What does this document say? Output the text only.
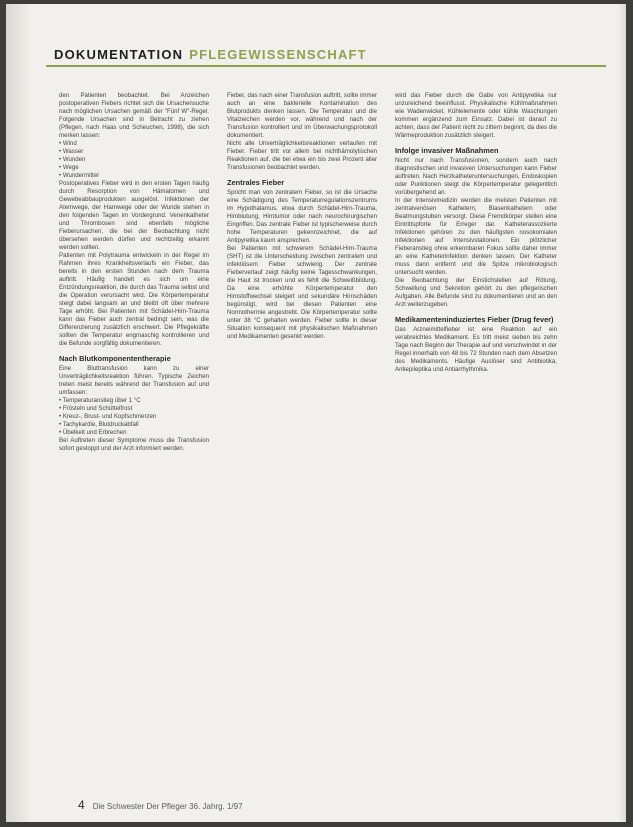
DOKUMENTATION PFLEGEWISSENSCHAFT

den Patienten beobachtet. Bei Anzeichen postoperativen Fiebers richtet sich die Ursachensuche nach möglichen Ursachen gemäß der "Fünf W"-Regel. Folgende Ursachen sind in Betracht zu ziehen (Pflegen, nach Haas und Scheuchen, 1998), die sich merken lassen:

• Wind

• Wasser

• Wunden

• Wege

• Wundermittel

Postoperatives Fieber wird in den ersten Tagen häufig durch Resorption von Hämatomen und Gewebeabbauprodukten ausgelöst. Infektionen der Atemwege, der Harnwege oder der Wunde stehen in den folgenden Tagen im Vordergrund. Venenkatheter und Thrombosen sind ebenfalls mögliche Fieberursachen, die bei der Beobachtung nicht übersehen werden dürfen und rechtzeitig erkannt werden sollten.

Patienten mit Polytrauma entwickeln in der Regel im Rahmen ihres Krankheitsverlaufs ein Fieber, das bereits in den ersten Stunden nach dem Trauma auftritt. Häufig handelt es sich um eine Entzündungsreaktion, die durch das Trauma selbst und die Operation verursacht wird. Die Körpertemperatur steigt dabei langsam an und bleibt oft über mehrere Tage erhöht. Bei Patienten mit Schädel-Hirn-Trauma kann das Fieber auch zentral bedingt sein, was die Differenzierung zusätzlich erschwert. Die Pflegekräfte sollten die Temperatur engmaschig kontrollieren und die Befunde sorgfältig dokumentieren.

Nach Blutkomponententherapie

Eine Bluttransfusion kann zu einer Unverträglichkeitsreaktion führen. Typische Zeichen treten meist bereits während der Transfusion auf und umfassen:

• Temperaturanstieg über 1 °C

• Frösteln und Schüttelfrost

• Kreuz-, Brust- und Kopfschmerzen

• Tachykardie, Blutdruckabfall

• Übelkeit und Erbrechen

Bei Auftreten dieser Symptome muss die Transfusion sofort gestoppt und der Arzt informiert werden.

Fieber, das nach einer Transfusion auftritt, sollte immer auch an eine bakterielle Kontamination des Blutprodukts denken lassen. Die Temperatur und die Vitalzeichen werden vor, während und nach der Transfusion kontrolliert und im Überwachungsprotokoll dokumentiert.

Nicht alle Unverträglichkeitsreaktionen verlaufen mit Fieber. Fieber tritt vor allem bei nichthämolytischen Reaktionen auf, die bei etwa ein bis zwei Prozent aller Transfusionen beobachtet werden.

Zentrales Fieber

Spricht man von zentralem Fieber, so ist die Ursache eine Schädigung des Temperaturregulationszentrums im Hypothalamus, etwa durch Schädel-Hirn-Trauma, Hirnblutung, Hirntumor oder nach neurochirurgischen Eingriffen. Das zentrale Fieber ist typischerweise durch hohe Temperaturen gekennzeichnet, die auf Antipyretika kaum ansprechen.

Bei Patienten mit schwerem Schädel-Hirn-Trauma (SHT) ist die Unterscheidung zwischen zentralem und infektiösem Fieber schwierig. Der zentrale Fieberverlauf zeigt häufig keine Tagesschwankungen, die Haut ist trocken und es fehlt die Schweißbildung. Da eine erhöhte Körpertemperatur den Hirnstoffwechsel steigert und sekundäre Hirnschäden begünstigt, wird bei diesen Patienten eine Normothermie angestrebt. Die Körpertemperatur sollte unter 38 °C gehalten werden. Fieber sollte in dieser Situation konsequent mit physikalischen Maßnahmen und Medikamenten gesenkt werden.

wird das Fieber durch die Gabe von Antipyretika nur unzureichend beeinflusst. Physikalische Kühlmaßnahmen wie Wadenwickel, Kühlelemente oder kühle Waschungen kommen ergänzend zum Einsatz. Dabei ist darauf zu achten, dass der Patient nicht zu zittern beginnt, da dies die Wärmeproduktion zusätzlich steigert.

Infolge invasiver Maßnahmen

Nicht nur nach Transfusionen, sondern auch nach diagnostischen und invasiven Untersuchungen kann Fieber auftreten. Nach Herzkatheteruntersuchungen, Endoskopien oder Punktionen steigt die Körpertemperatur gelegentlich vorübergehend an.

In der Intensivmedizin werden die meisten Patienten mit zentralvenösen Kathetern, Blasenkathetern oder Beatmungstuben versorgt. Diese Fremdkörper stellen eine Eintrittspforte für Erreger dar. Katheterassoziierte Infektionen gehören zu den häufigsten nosokomialen Infektionen auf Intensivstationen. Ein plötzlicher Fieberanstieg ohne erkennbaren Fokus sollte daher immer an eine Katheterinfektion denken lassen. Der Katheter muss dann entfernt und die Spitze mikrobiologisch untersucht werden.

Die Beobachtung der Einstichstellen auf Rötung, Schwellung und Sekretion gehört zu den pflegerischen Aufgaben. Alle Befunde sind zu dokumentieren und an den Arzt weiterzugeben.

Medikamenteninduziertes Fieber (Drug fever)

Das Arzneimittelfieber ist eine Reaktion auf ein verabreichtes Medikament. Es tritt meist sieben bis zehn Tage nach Beginn der Therapie auf und verschwindet in der Regel innerhalb von 48 bis 72 Stunden nach dem Absetzen des Medikaments. Häufige Auslöser sind Antibiotika, Antiepileptika und Antiarrhythmika.

4 Die Schwester Der Pfleger 36. Jahrg. 1/97
